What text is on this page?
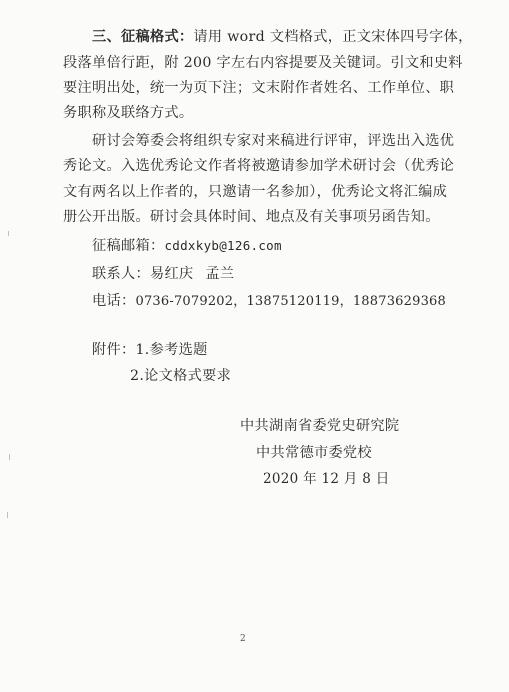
三、征稿格式：请用 word 文档格式，正文宋体四号字体，
段落单倍行距，附 200 字左右内容提要及关键词。引文和史料
要注明出处，统一为页下注；文末附作者姓名、工作单位、职
务职称及联络方式。
研讨会筹委会将组织专家对来稿进行评审，评选出入选优
秀论文。入选优秀论文作者将被邀请参加学术研讨会（优秀论
文有两名以上作者的，只邀请一名参加），优秀论文将汇编成
册公开出版。研讨会具体时间、地点及有关事项另函告知。
征稿邮箱：cddxkyb@126.com
联系人：易红庆 孟兰
电话：0736-7079202，13875120119，18873629368
附件：1.参考选题
2.论文格式要求
中共湖南省委党史研究院
中共常德市委党校
2020 年 12 月 8 日
2
